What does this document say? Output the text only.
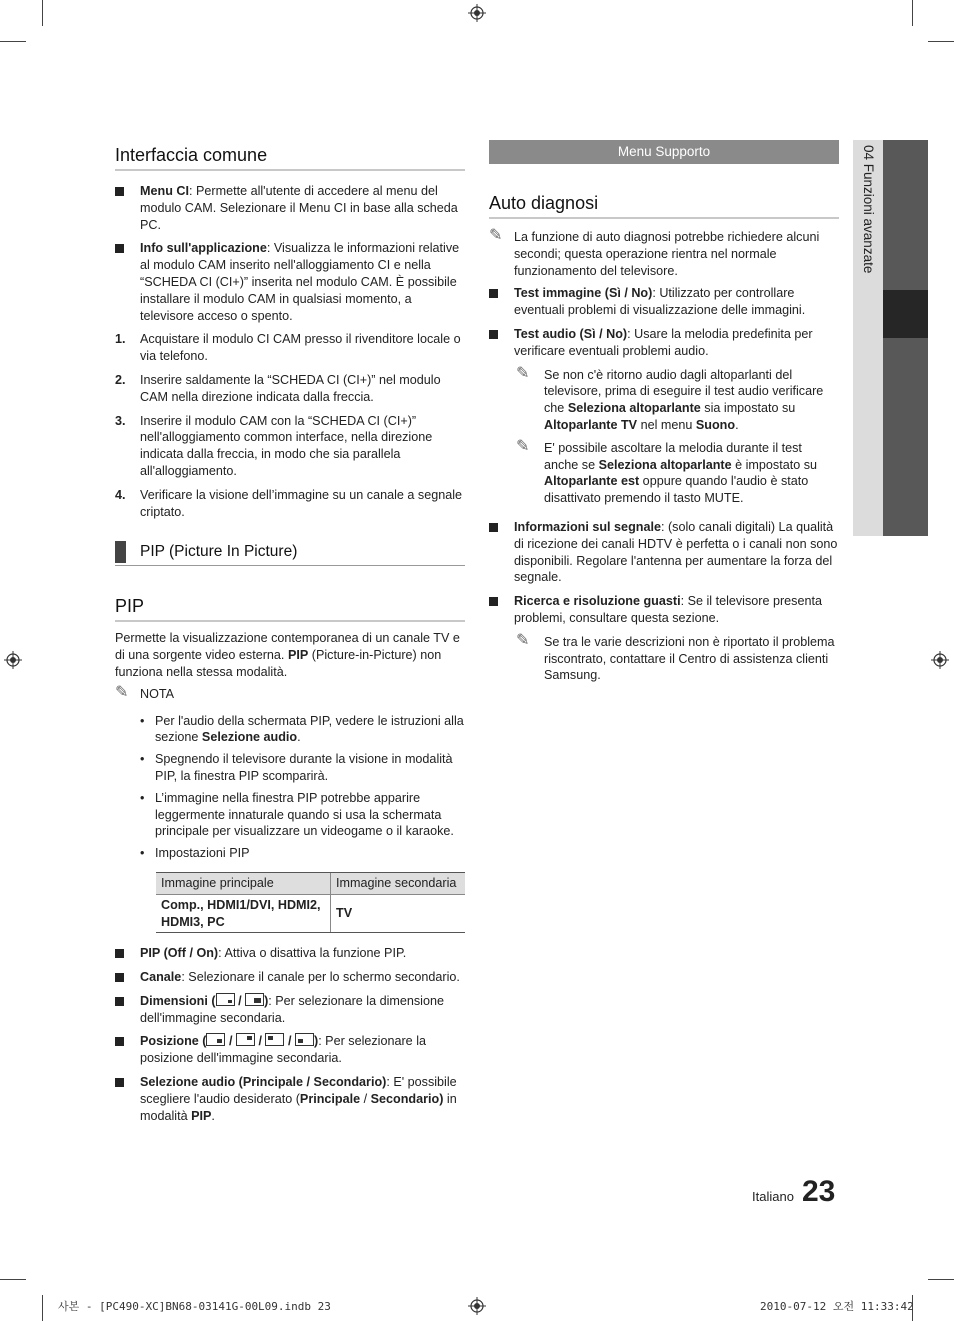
Interfaccia comune
Menu CI: Permette all'utente di accedere al menu del modulo CAM. Selezionare il Menu CI in base alla scheda PC.
Info sull'applicazione: Visualizza le informazioni relative al modulo CAM inserito nell'alloggiamento CI e nella “SCHEDA CI (CI+)” inserita nel modulo CAM. È possibile installare il modulo CAM in qualsiasi momento, a televisore acceso o spento.
1. Acquistare il modulo CI CAM presso il rivenditore locale o via telefono.
2. Inserire saldamente la “SCHEDA CI (CI+)” nel modulo CAM nella direzione indicata dalla freccia.
3. Inserire il modulo CAM con la “SCHEDA CI (CI+)” nell'alloggiamento common interface, nella direzione indicata dalla freccia, in modo che sia parallela all'alloggiamento.
4. Verificare la visione dell’immagine su un canale a segnale criptato.
PIP (Picture In Picture)
PIP

Permette la visualizzazione contemporanea di un canale TV e di una sorgente video esterna. PIP (Picture-in-Picture) non funziona nella stessa modalità.

✎ NOTA
• Per l'audio della schermata PIP, vedere le istruzioni alla sezione Selezione audio.
• Spegnendo il televisore durante la visione in modalità PIP, la finestra PIP scomparirà.
• L’immagine nella finestra PIP potrebbe apparire leggermente innaturale quando si usa la schermata principale per visualizzare un videogame o il karaoke.
• Impostazioni PIP
Immagine principale	Immagine secondaria
Comp., HDMI1/DVI, HDMI2, HDMI3, PC	TV
PIP (Off / On): Attiva o disattiva la funzione PIP.
Canale: Selezionare il canale per lo schermo secondario.
Dimensioni (
/
): Per selezionare la dimensione dell'immagine secondaria.
Posizione (
/
/
/
): Per selezionare la posizione dell'immagine secondaria.
Selezione audio (Principale / Secondario): E' possibile scegliere l'audio desiderato (Principale / Secondario) in modalità PIP.
Menu Supporto
Auto diagnosi
✎ La funzione di auto diagnosi potrebbe richiedere alcuni secondi; questa operazione rientra nel normale funzionamento del televisore.
Test immagine (Sì / No): Utilizzato per controllare eventuali problemi di visualizzazione delle immagini.
Test audio (Sì / No): Usare la melodia predefinita per verificare eventuali problemi audio.
✎ Se non c'è ritorno audio dagli altoparlanti del televisore, prima di eseguire il test audio verificare che Seleziona altoparlante sia impostato su Altoparlante TV nel menu Suono.
✎ E' possibile ascoltare la melodia durante il test anche se Seleziona altoparlante è impostato su Altoparlante est oppure quando l'audio è stato disattivato premendo il tasto MUTE.
Informazioni sul segnale: (solo canali digitali) La qualità di ricezione dei canali HDTV è perfetta o i canali non sono disponibili. Regolare l'antenna per aumentare la forza del segnale.
Ricerca e risoluzione guasti: Se il televisore presenta problemi, consultare questa sezione.
✎ Se tra le varie descrizioni non è riportato il problema riscontrato, contattare il Centro di assistenza clienti Samsung.
04 Funzioni avanzate
Italiano 23
사본 - [PC490-XC]BN68-03141G-00L09.indb 23	2010-07-12 오전 11:33:42
